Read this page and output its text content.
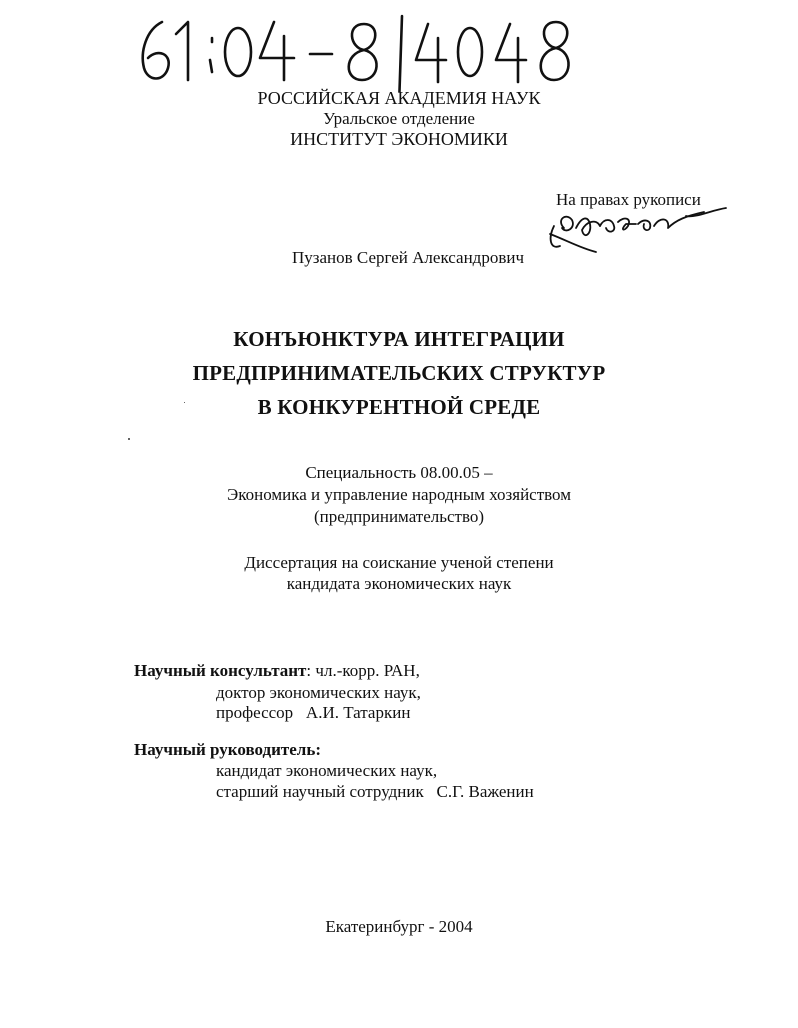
РОССИЙСКАЯ АКАДЕМИЯ НАУК
Уральское отделение
ИНСТИТУТ ЭКОНОМИКИ
На правах рукописи
Пузанов Сергей Александрович
КОНЪЮНКТУРА ИНТЕГРАЦИИ
ПРЕДПРИНИМАТЕЛЬСКИХ СТРУКТУР
В КОНКУРЕНТНОЙ СРЕДЕ
Специальность 08.00.05 –
Экономика и управление народным хозяйством
(предпринимательство)
Диссертация на соискание ученой степени
кандидата экономических наук
Научный консультант: чл.-корр. РАН,
доктор экономических наук,
профессор   А.И. Татаркин
Научный руководитель:
кандидат экономических наук,
старший научный сотрудник   С.Г. Важенин
Екатеринбург - 2004
